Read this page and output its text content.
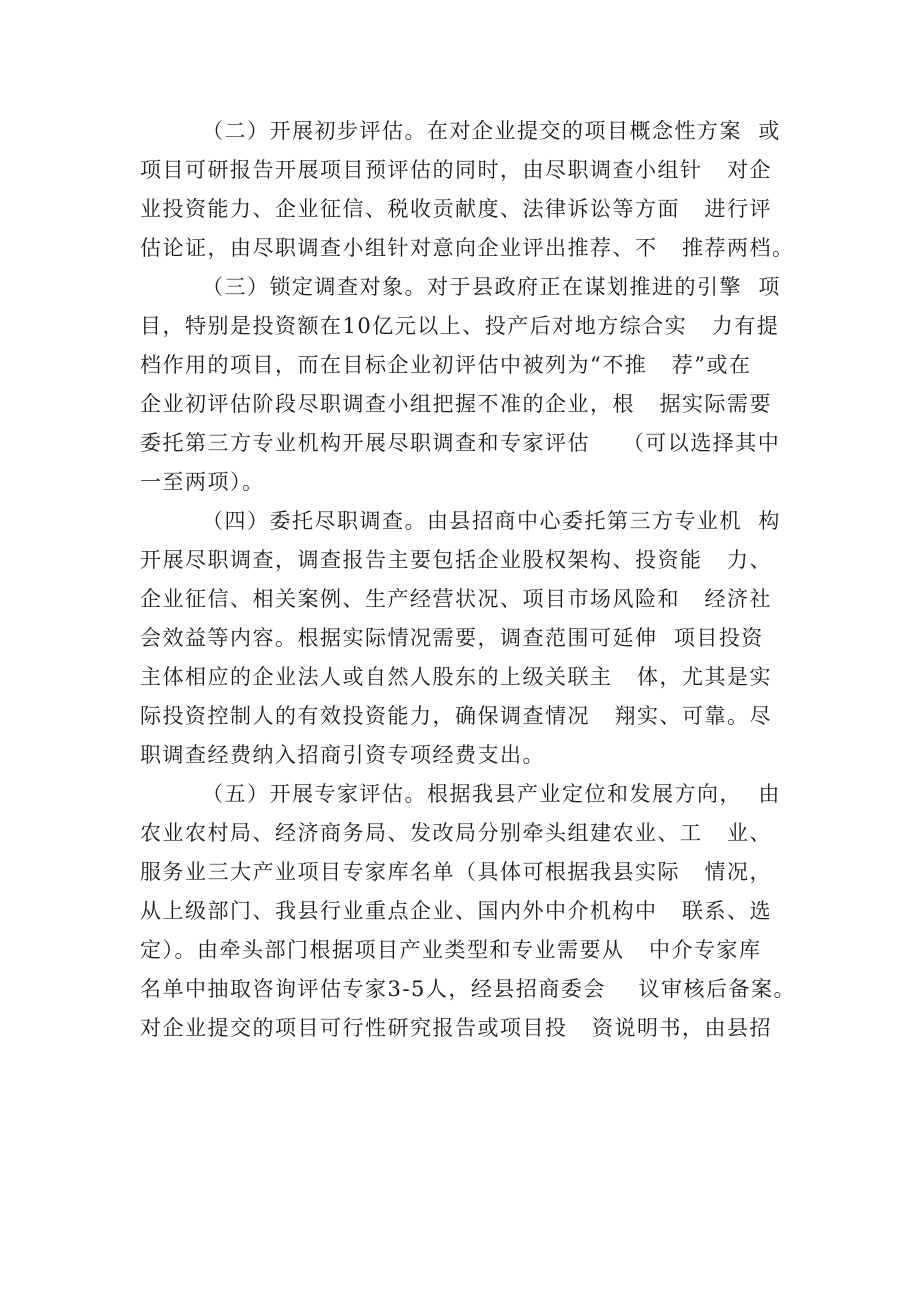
（二）开展初步评估。在对企业提交的项目概念性方案  或
项目可研报告开展项目预评估的同时，由尽职调查小组针   对企
业投资能力、企业征信、税收贡献度、法律诉讼等方面   进行评
估论证，由尽职调查小组针对意向企业评出推荐、不   推荐两档。
（三）锁定调查对象。对于县政府正在谋划推进的引擎  项
目，特别是投资额在10亿元以上、投产后对地方综合实   力有提
档作用的项目，而在目标企业初评估中被列为“不推   荐”或在
企业初评估阶段尽职调查小组把握不准的企业，根   据实际需要
委托第三方专业机构开展尽职调查和专家评估    （可以选择其中
一至两项）。
（四）委托尽职调查。由县招商中心委托第三方专业机  构
开展尽职调查，调查报告主要包括企业股权架构、投资能   力、
企业征信、相关案例、生产经营状况、项目市场风险和   经济社
会效益等内容。根据实际情况需要，调查范围可延伸  项目投资
主体相应的企业法人或自然人股东的上级关联主   体，尤其是实
际投资控制人的有效投资能力，确保调查情况   翔实、可靠。尽
职调查经费纳入招商引资专项经费支出。
（五）开展专家评估。根据我县产业定位和发展方向，  由
农业农村局、经济商务局、发改局分别牵头组建农业、工   业、
服务业三大产业项目专家库名单（具体可根据我县实际   情况，
从上级部门、我县行业重点企业、国内外中介机构中   联系、选
定）。由牵头部门根据项目产业类型和专业需要从   中介专家库
名单中抽取咨询评估专家3-5人，经县招商委会    议审核后备案。
对企业提交的项目可行性研究报告或项目投   资说明书，由县招
